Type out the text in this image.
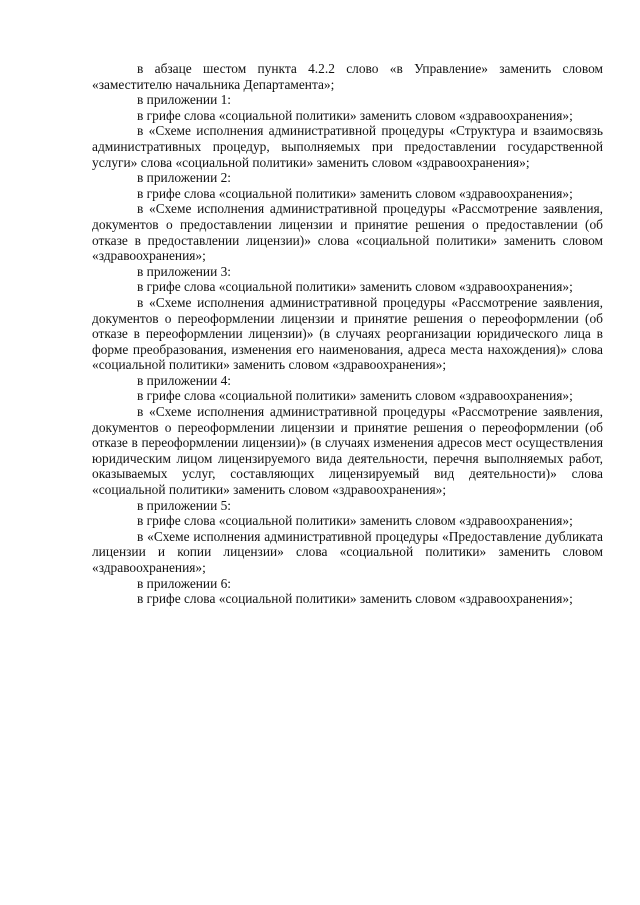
в абзаце шестом пункта 4.2.2 слово «в Управление» заменить словом «заместителю начальника Департамента»;

в приложении 1:

в грифе слова «социальной политики» заменить словом «здравоохранения»;

в «Схеме исполнения административной процедуры «Структура и взаимосвязь административных процедур, выполняемых при предоставлении государственной услуги» слова «социальной политики» заменить словом «здравоохранения»;

в приложении 2:

в грифе слова «социальной политики» заменить словом «здравоохранения»;

в «Схеме исполнения административной процедуры «Рассмотрение заявления, документов о предоставлении лицензии и принятие решения о предоставлении (об отказе в предоставлении лицензии)» слова «социальной политики» заменить словом «здравоохранения»;

в приложении 3:

в грифе слова «социальной политики» заменить словом «здравоохранения»;

в «Схеме исполнения административной процедуры «Рассмотрение заявления, документов о переоформлении лицензии и принятие решения о переоформлении (об отказе в переоформлении лицензии)» (в случаях реорганизации юридического лица в форме преобразования, изменения его наименования, адреса места нахождения)» слова «социальной политики» заменить словом «здравоохранения»;

в приложении 4:

в грифе слова «социальной политики» заменить словом «здравоохранения»;

в «Схеме исполнения административной процедуры «Рассмотрение заявления, документов о переоформлении лицензии и принятие решения о переоформлении (об отказе в переоформлении лицензии)» (в случаях изменения адресов мест осуществления юридическим лицом лицензируемого вида деятельности, перечня выполняемых работ, оказываемых услуг, составляющих лицензируемый вид деятельности)» слова «социальной политики» заменить словом «здравоохранения»;

в приложении 5:

в грифе слова «социальной политики» заменить словом «здравоохранения»;

в «Схеме исполнения административной процедуры «Предоставление дубликата лицензии и копии лицензии» слова «социальной политики» заменить словом «здравоохранения»;

в приложении 6:

в грифе слова «социальной политики» заменить словом «здравоохранения»;
